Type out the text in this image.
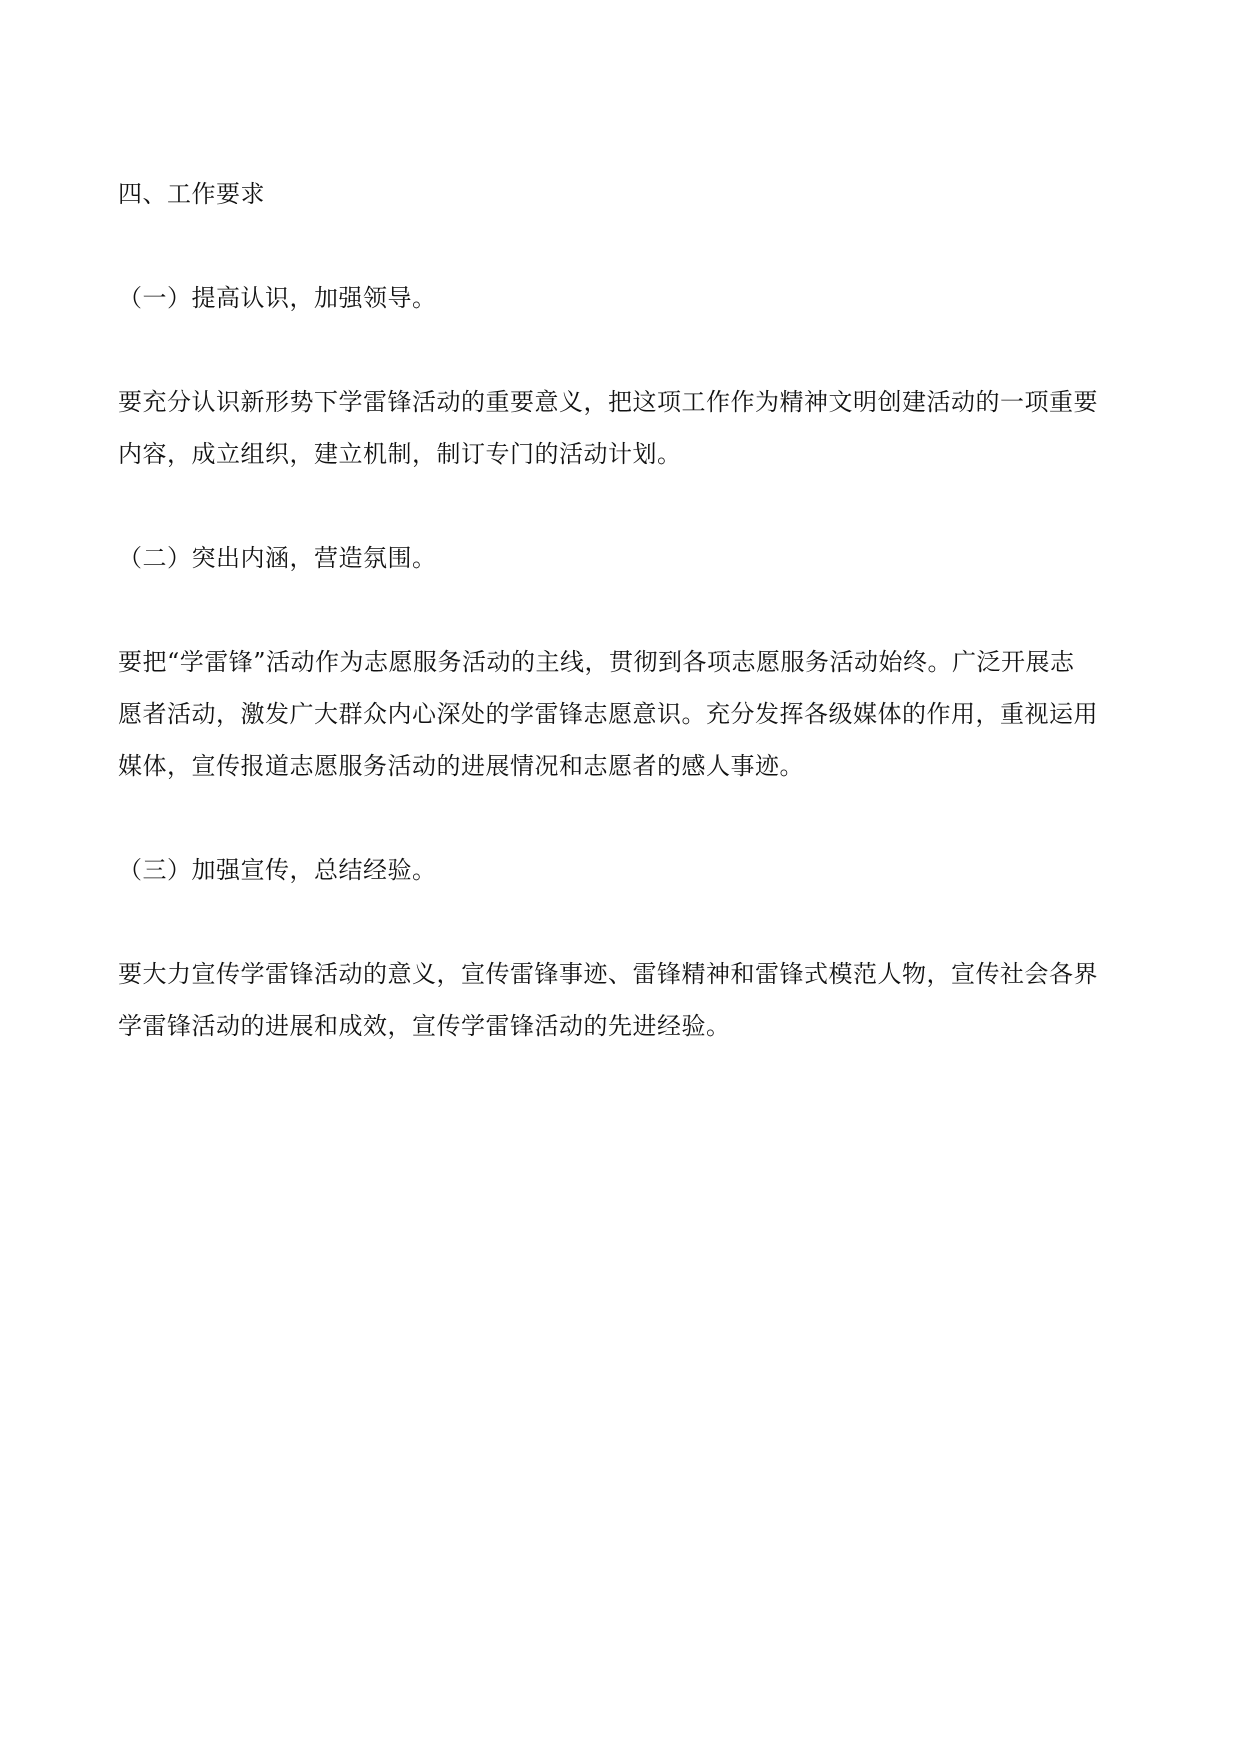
四、工作要求
（一）提高认识，加强领导。
要充分认识新形势下学雷锋活动的重要意义，把这项工作作为精神文明创建活动的一项重要
内容，成立组织，建立机制，制订专门的活动计划。
（二）突出内涵，营造氛围。
要把“学雷锋”活动作为志愿服务活动的主线，贯彻到各项志愿服务活动始终。广泛开展志
愿者活动，激发广大群众内心深处的学雷锋志愿意识。充分发挥各级媒体的作用，重视运用
媒体，宣传报道志愿服务活动的进展情况和志愿者的感人事迹。
（三）加强宣传，总结经验。
要大力宣传学雷锋活动的意义，宣传雷锋事迹、雷锋精神和雷锋式模范人物，宣传社会各界
学雷锋活动的进展和成效，宣传学雷锋活动的先进经验。
